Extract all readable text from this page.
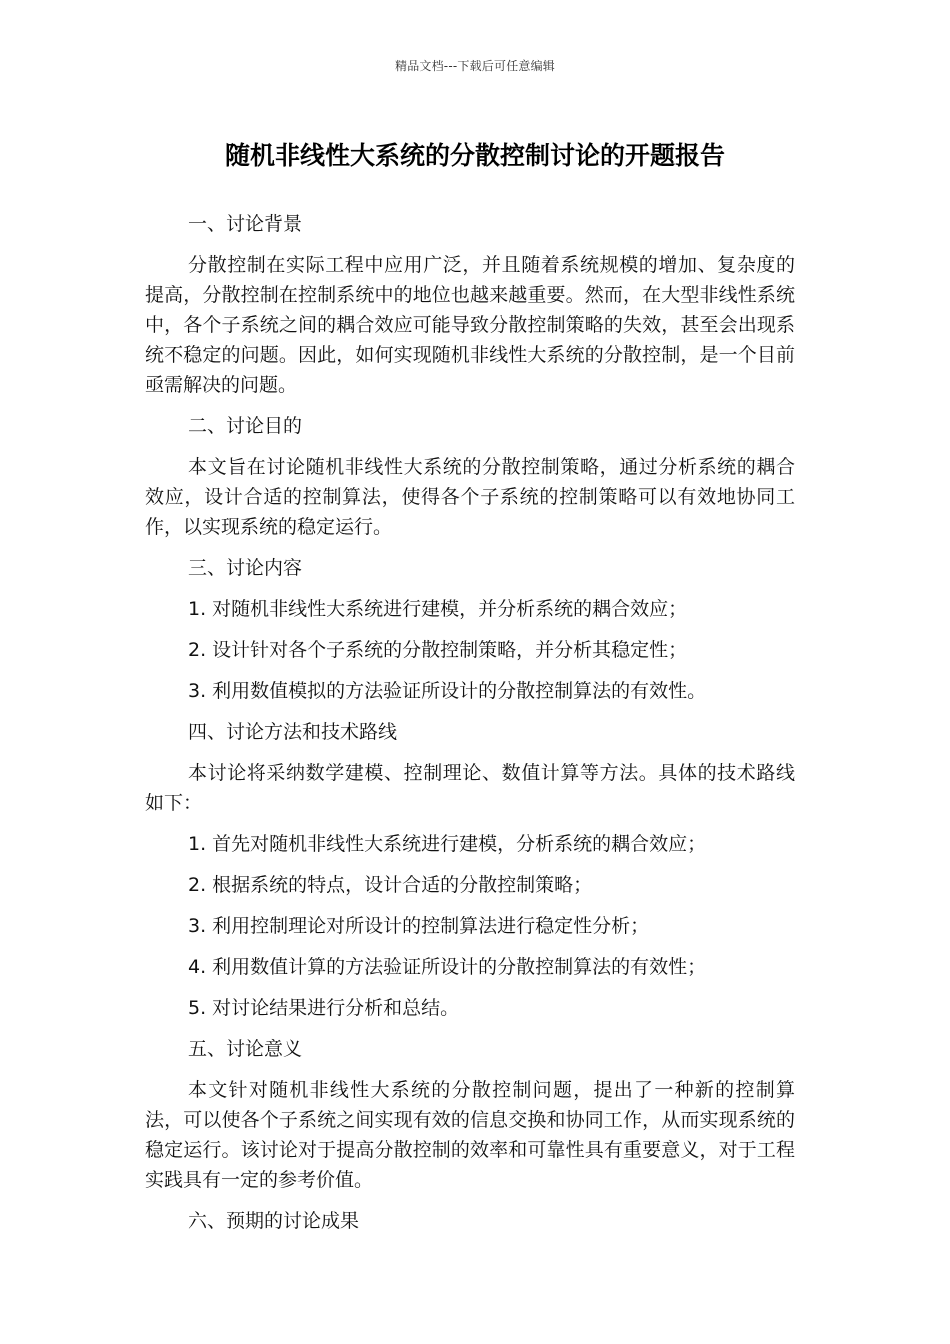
精品文档---下载后可任意编辑
随机非线性大系统的分散控制讨论的开题报告

一、讨论背景

分散控制在实际工程中应用广泛，并且随着系统规模的增加、复杂度的提高，分散控制在控制系统中的地位也越来越重要。然而，在大型非线性系统中，各个子系统之间的耦合效应可能导致分散控制策略的失效，甚至会出现系统不稳定的问题。因此，如何实现随机非线性大系统的分散控制，是一个目前亟需解决的问题。

二、讨论目的

本文旨在讨论随机非线性大系统的分散控制策略，通过分析系统的耦合效应，设计合适的控制算法，使得各个子系统的控制策略可以有效地协同工作，以实现系统的稳定运行。

三、讨论内容

1. 对随机非线性大系统进行建模，并分析系统的耦合效应；

2. 设计针对各个子系统的分散控制策略，并分析其稳定性；

3. 利用数值模拟的方法验证所设计的分散控制算法的有效性。

四、讨论方法和技术路线

本讨论将采纳数学建模、控制理论、数值计算等方法。具体的技术路线如下：

1. 首先对随机非线性大系统进行建模，分析系统的耦合效应；

2. 根据系统的特点，设计合适的分散控制策略；

3. 利用控制理论对所设计的控制算法进行稳定性分析；

4. 利用数值计算的方法验证所设计的分散控制算法的有效性；

5. 对讨论结果进行分析和总结。

五、讨论意义

本文针对随机非线性大系统的分散控制问题，提出了一种新的控制算法，可以使各个子系统之间实现有效的信息交换和协同工作，从而实现系统的稳定运行。该讨论对于提高分散控制的效率和可靠性具有重要意义，对于工程实践具有一定的参考价值。

六、预期的讨论成果
